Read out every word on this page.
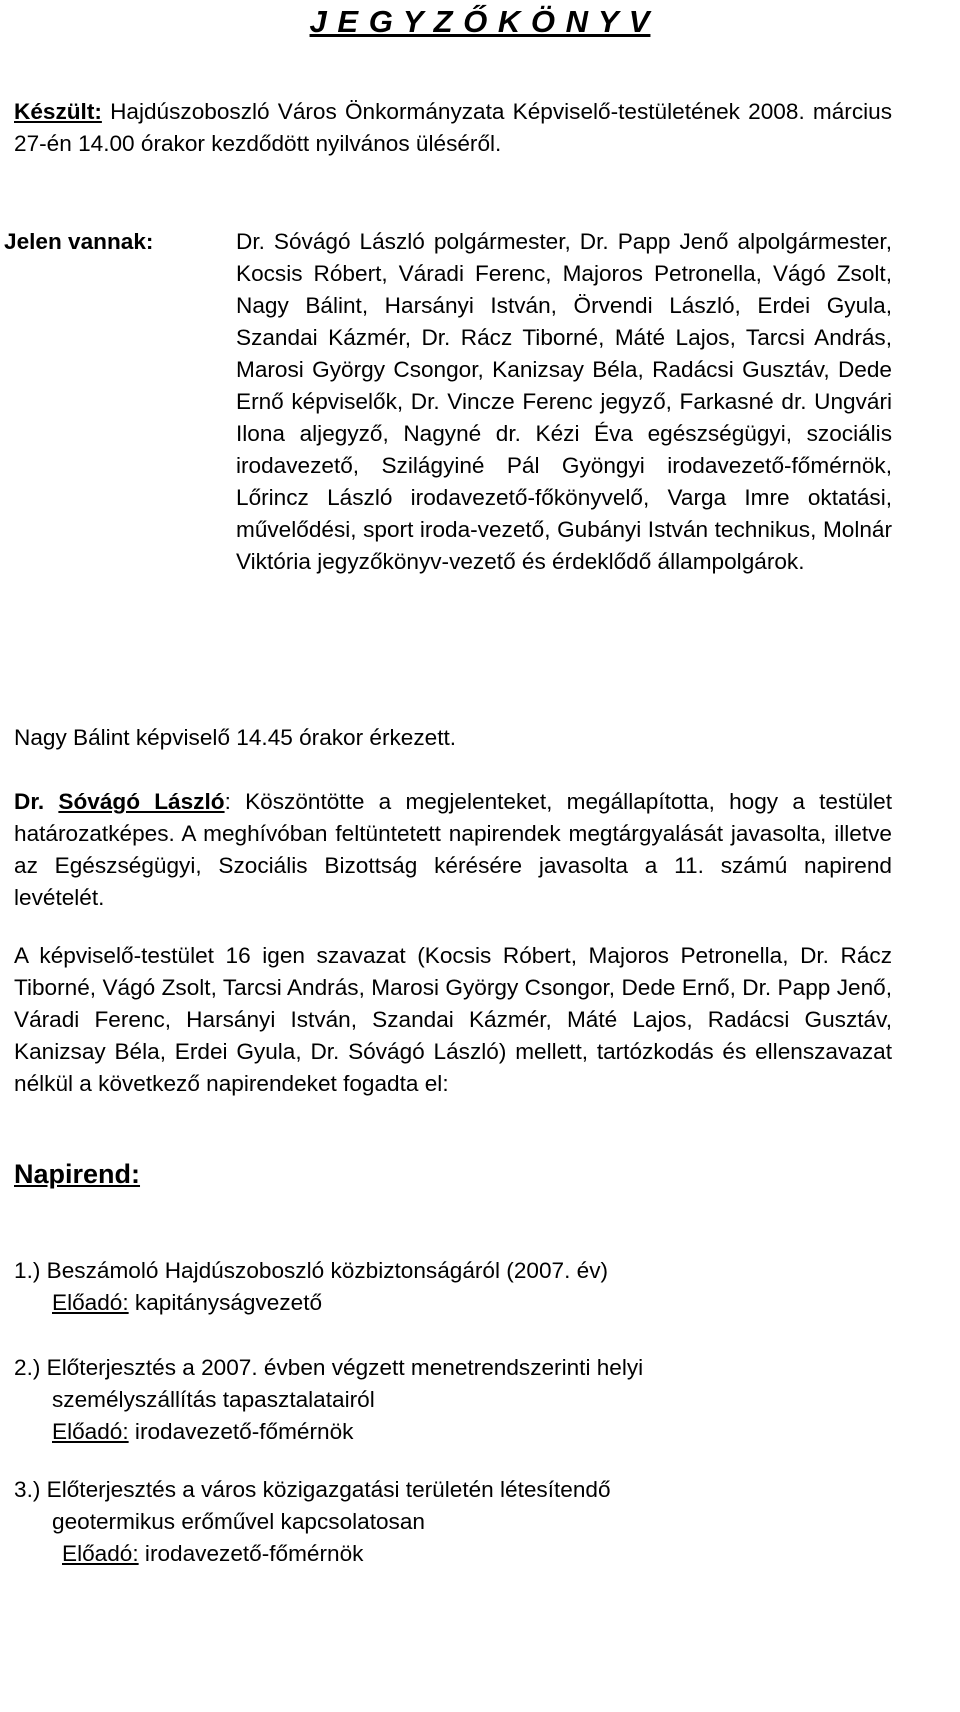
J E G Y Z Ő K Ö N Y V
Készült: Hajdúszoboszló Város Önkormányzata Képviselő-testületének 2008. március 27-én 14.00 órakor kezdődött nyilvános üléséről.
Jelen vannak:	Dr. Sóvágó László polgármester, Dr. Papp Jenő alpolgármester, Kocsis Róbert, Váradi Ferenc, Majoros Petronella, Vágó Zsolt, Nagy Bálint, Harsányi István, Örvendi László, Erdei Gyula, Szandai Kázmér, Dr. Rácz Tiborné, Máté Lajos, Tarcsi András, Marosi György Csongor, Kanizsay Béla, Radácsi Gusztáv, Dede Ernő képviselők, Dr. Vincze Ferenc jegyző, Farkasné dr. Ungvári Ilona aljegyző, Nagyné dr. Kézi Éva egészségügyi, szociális irodavezető, Szilágyiné Pál Gyöngyi irodavezető-főmérnök, Lőrincz László irodavezető-főkönyvelő, Varga Imre oktatási, művelődési, sport iroda-vezető, Gubányi István technikus, Molnár Viktória jegyzőkönyv-vezető és érdeklődő állampolgárok.
Nagy Bálint képviselő 14.45 órakor érkezett.
Dr. Sóvágó László: Köszöntötte a megjelenteket, megállapította, hogy a testület határozatképes. A meghívóban feltüntetett napirendek megtárgyalását javasolta, illetve az Egészségügyi, Szociális Bizottság kérésére javasolta a 11. számú napirend levételét.
A képviselő-testület 16 igen szavazat (Kocsis Róbert, Majoros Petronella, Dr. Rácz Tiborné, Vágó Zsolt, Tarcsi András, Marosi György Csongor, Dede Ernő, Dr. Papp Jenő, Váradi Ferenc, Harsányi István, Szandai Kázmér, Máté Lajos, Radácsi Gusztáv, Kanizsay Béla, Erdei Gyula, Dr. Sóvágó László) mellett, tartózkodás és ellenszavazat nélkül a következő napirendeket fogadta el:
Napirend:
1.) Beszámoló Hajdúszoboszló közbiztonságáról (2007. év)
Előadó: kapitányságvezető
2.) Előterjesztés a 2007. évben végzett menetrendszerinti helyi
személyszállítás tapasztalatairól
Előadó: irodavezető-főmérnök
3.) Előterjesztés a város közigazgatási területén létesítendő
geotermikus erőművel kapcsolatosan
Előadó: irodavezető-főmérnök
